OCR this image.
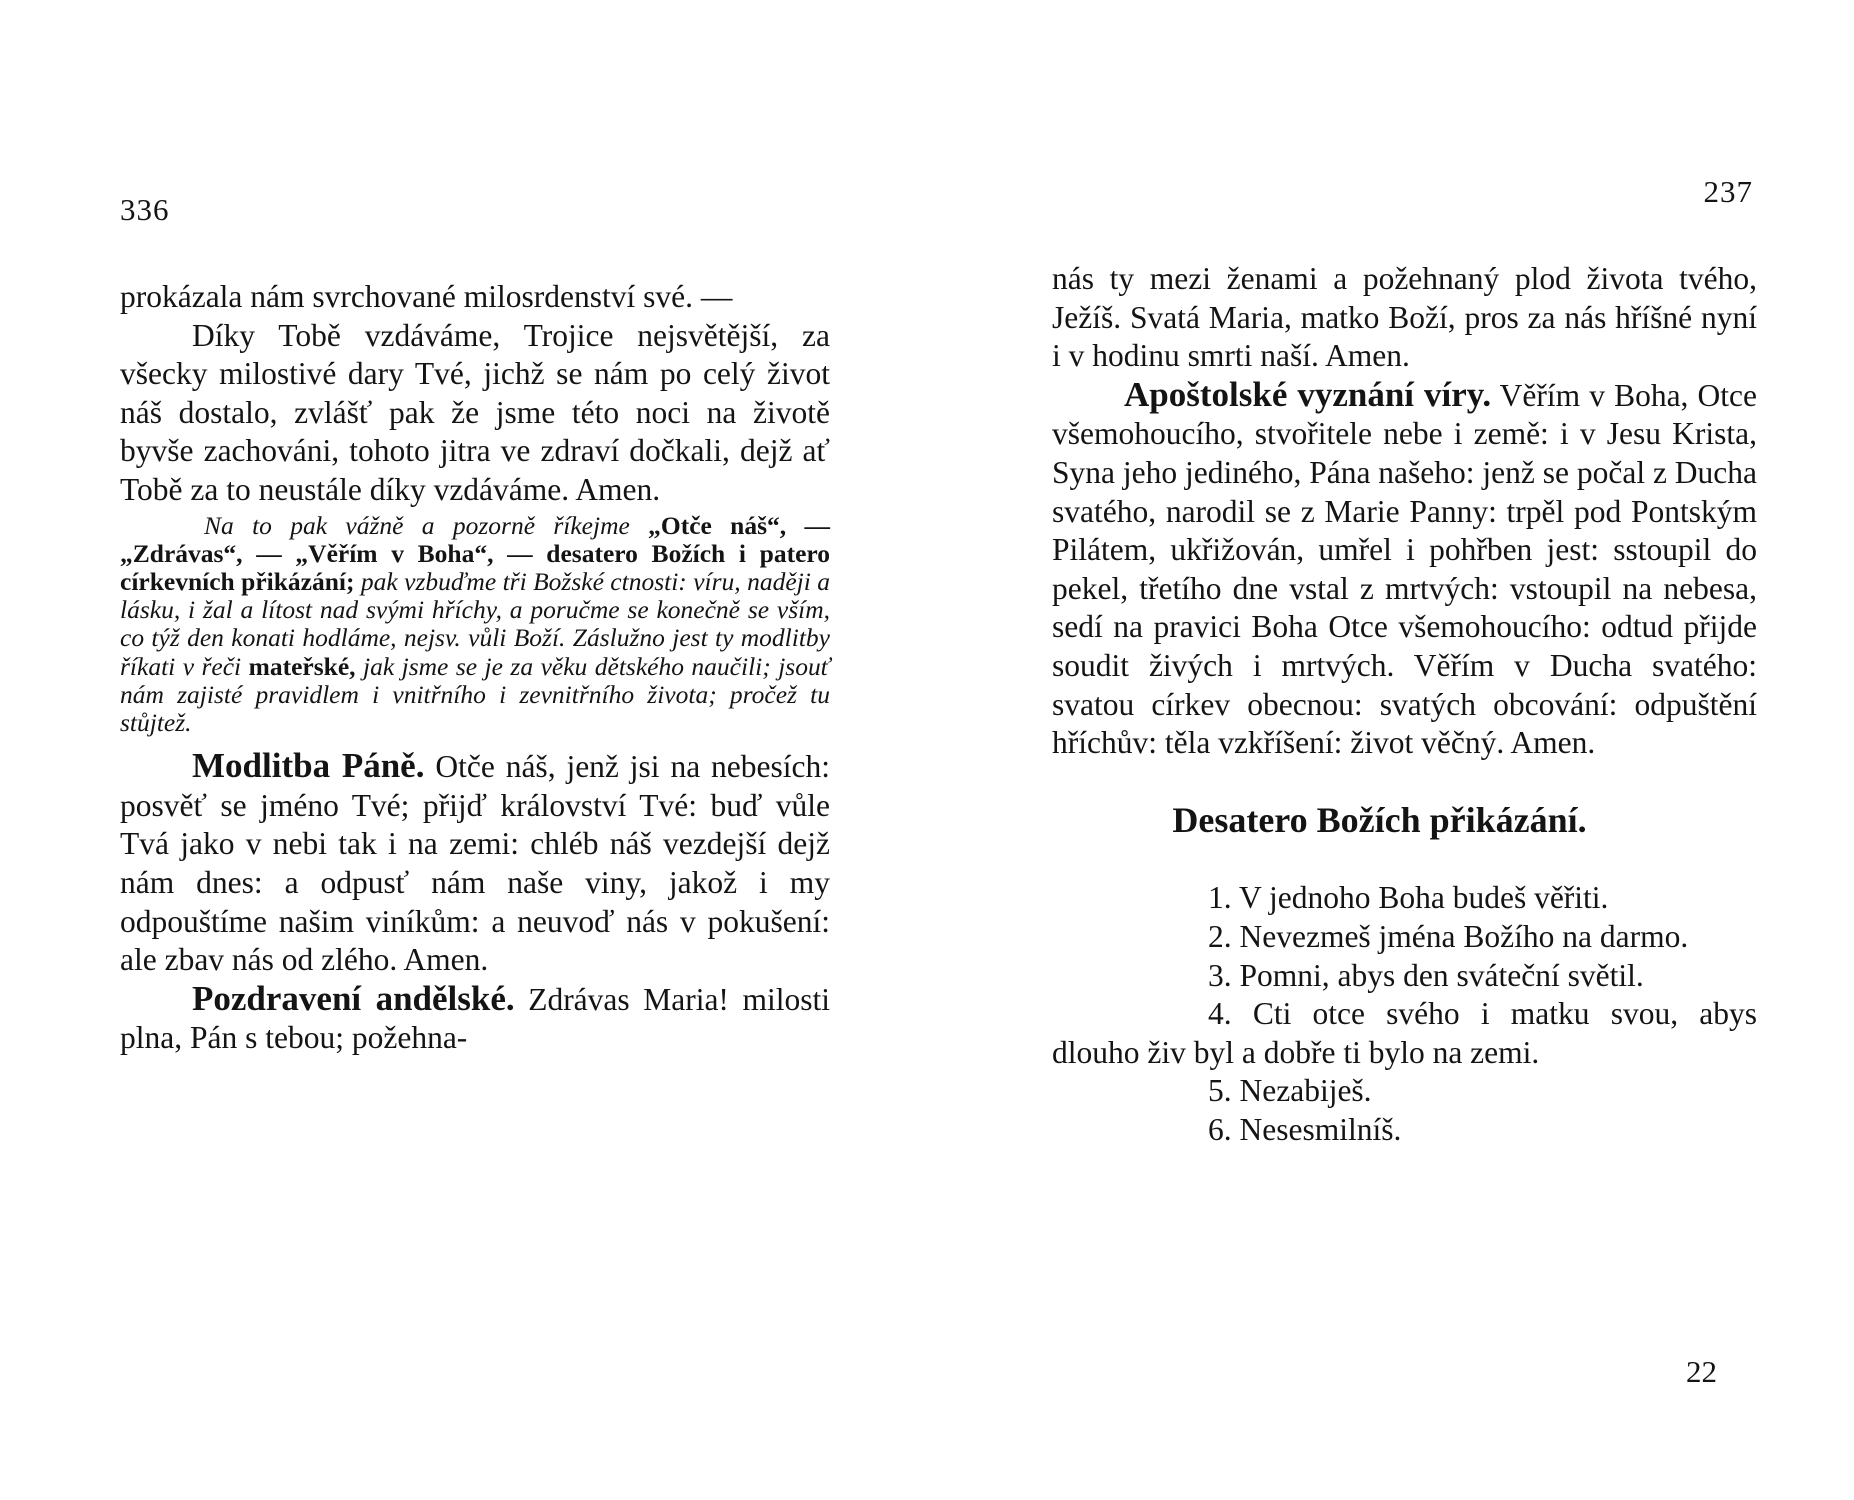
336

prokázala nám svrchované milosrdenství své. —

Díky Tobě vzdáváme, Trojice nejsvětější, za všecky milostivé dary Tvé, jichž se nám po celý život náš dostalo, zvlášť pak že jsme této noci na životě byvše zachováni, tohoto jitra ve zdraví dočkali, dejž ať Tobě za to neustále díky vzdáváme. Amen.

Na to pak vážně a pozorně říkejme „Otče náš“, — „Zdrávas“, — „Věřím v Boha“, — desatero Božích i patero církevních přikázání; pak vzbuďme tři Božské ctnosti: víru, naději a lásku, i žal a lítost nad svými hříchy, a poručme se konečně se vším, co týž den konati hodláme, nejsv. vůli Boží. Záslužno jest ty modlitby říkati v řeči mateřské, jak jsme se je za věku dětského naučili; jsouť nám zajisté pravidlem i vnitřního i zevnitřního života; pročež tu stůjtež.

Modlitba Páně. Otče náš, jenž jsi na nebesích: posvěť se jméno Tvé; přijď království Tvé: buď vůle Tvá jako v nebi tak i na zemi: chléb náš vezdejší dejž nám dnes: a odpusť nám naše viny, jakož i my odpouštíme našim viníkům: a neuvoď nás v pokušení: ale zbav nás od zlého. Amen.

Pozdravení andělské. Zdrávas Maria! milosti plna, Pán s tebou; požehna-

237

nás ty mezi ženami a požehnaný plod života tvého, Ježíš. Svatá Maria, matko Boží, pros za nás hříšné nyní i v hodinu smrti naší. Amen.

Apoštolské vyznání víry. Věřím v Boha, Otce všemohoucího, stvořitele nebe i země: i v Jesu Krista, Syna jeho jediného, Pána našeho: jenž se počal z Ducha svatého, narodil se z Marie Panny: trpěl pod Pontským Pilátem, ukřižován, umřel i pohřben jest: sstoupil do pekel, třetího dne vstal z mrtvých: vstoupil na nebesa, sedí na pravici Boha Otce všemohoucího: odtud přijde soudit živých i mrtvých. Věřím v Ducha svatého: svatou církev obecnou: svatých obcování: odpuštění hříchův: těla vzkříšení: život věčný. Amen.

Desatero Božích přikázání.

1. V jednoho Boha budeš věřiti.
2. Nevezmeš jména Božího na darmo.
3. Pomni, abys den sváteční světil.
4. Cti otce svého i matku svou, abys dlouho živ byl a dobře ti bylo na zemi.
5. Nezabiješ.
6. Nesesmilníš.
22
